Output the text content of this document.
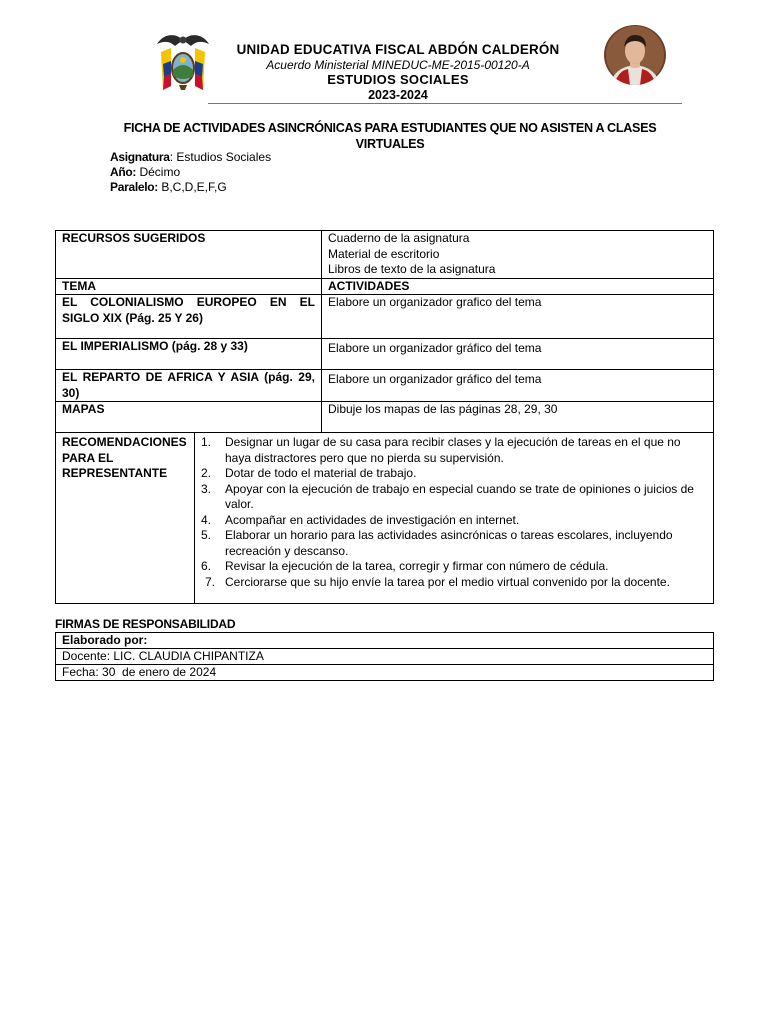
UNIDAD EDUCATIVA FISCAL ABDÓN CALDERÓN
Acuerdo Ministerial MINEDUC-ME-2015-00120-A
ESTUDIOS SOCIALES
2023-2024
FICHA DE ACTIVIDADES ASINCRÓNICAS PARA ESTUDIANTES QUE NO ASISTEN A CLASES VIRTUALES
Asignatura: Estudios Sociales
Año: Décimo
Paralelo: B,C,D,E,F,G
RECURSOS SUGERIDOS	Cuaderno de la asignatura
Material de escritorio
Libros de texto de la asignatura

TEMA	ACTIVIDADES
EL COLONIALISMO EUROPEO EN EL SIGLO XIX (Pág. 25 Y 26)	Elabore un organizador grafico del tema
EL IMPERIALISMO (pág. 28 y 33)	Elabore un organizador gráfico del tema
EL REPARTO DE AFRICA Y ASIA (pág. 29, 30)	Elabore un organizador gráfico del tema
MAPAS	Dibuje los mapas de las páginas 28, 29, 30

RECOMENDACIONES PARA EL REPRESENTANTE	
1. Designar un lugar de su casa para recibir clases y la ejecución de tareas en el que no haya distractores pero que no pierda su supervisión.
2. Dotar de todo el material de trabajo.
3. Apoyar con la ejecución de trabajo en especial cuando se trate de opiniones o juicios de valor.
4. Acompañar en actividades de investigación en internet.
5. Elaborar un horario para las actividades asincrónicas o tareas escolares, incluyendo recreación y descanso.
6. Revisar la ejecución de la tarea, corregir y firmar con número de cédula.
7. Cerciorarse que su hijo envíe la tarea por el medio virtual convenido por la docente.
FIRMAS DE RESPONSABILIDAD
Elaborado por:
Docente: LIC. CLAUDIA CHIPANTIZA
Fecha: 30  de enero de 2024
